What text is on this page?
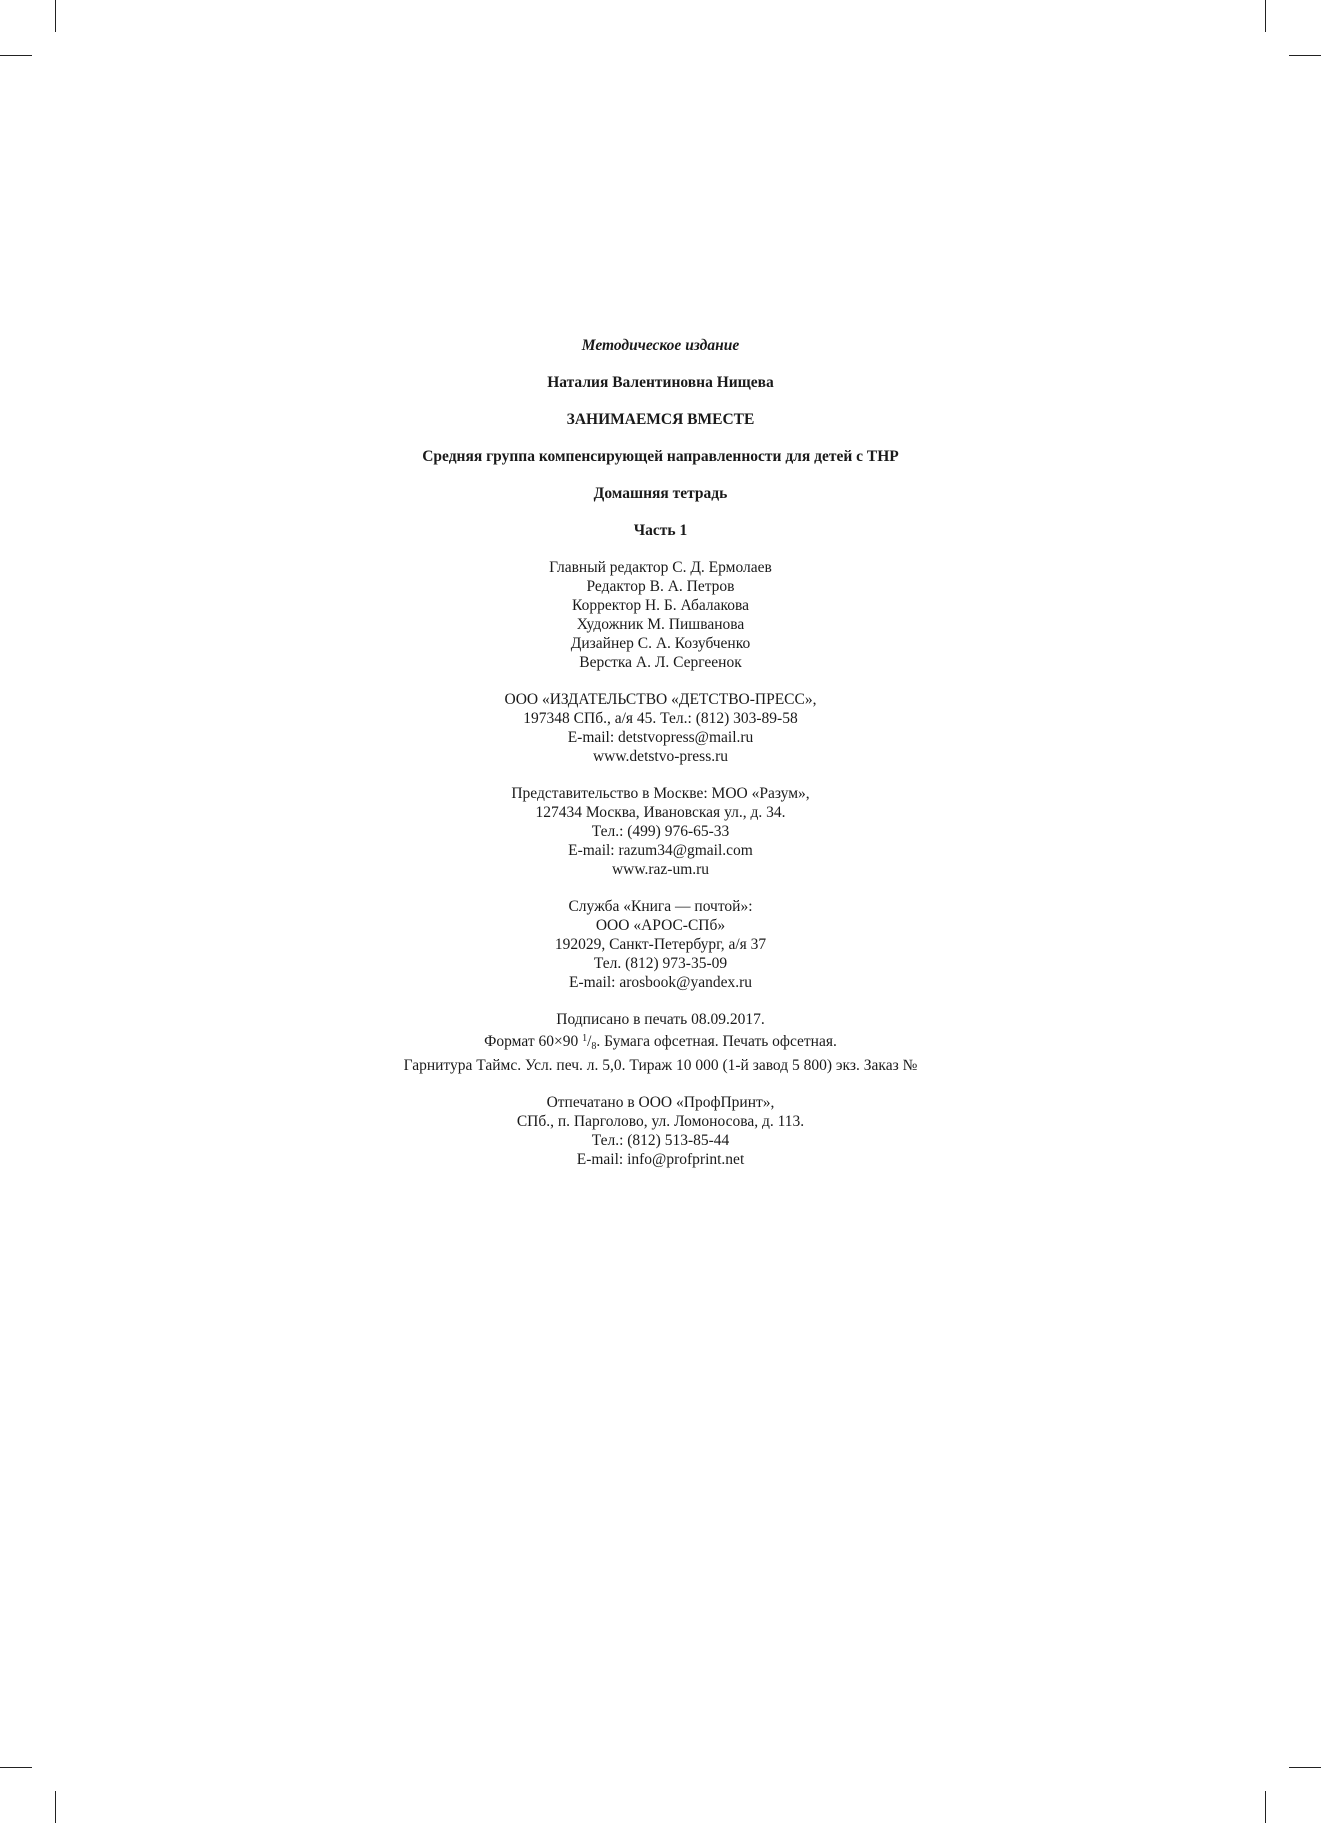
Методическое издание
Наталия Валентиновна Нищева
ЗАНИМАЕМСЯ ВМЕСТЕ
Средняя группа компенсирующей направленности для детей с ТНР
Домашняя тетрадь
Часть 1
Главный редактор С. Д. Ермолаев
Редактор В. А. Петров
Корректор Н. Б. Абалакова
Художник М. Пишванова
Дизайнер С. А. Козубченко
Верстка А. Л. Сергеенок
ООО «ИЗДАТЕЛЬСТВО «ДЕТСТВО-ПРЕСС»,
197348 СПб., а/я 45. Тел.: (812) 303-89-58
E-mail: detstvopress@mail.ru
www.detstvo-press.ru
Представительство в Москве: МОО «Разум»,
127434 Москва, Ивановская ул., д. 34.
Тел.: (499) 976-65-33
E-mail: razum34@gmail.com
www.raz-um.ru
Служба «Книга — почтой»:
ООО «АРОС-СПб»
192029, Санкт-Петербург, а/я 37
Тел. (812) 973-35-09
E-mail: arosbook@yandex.ru
Подписано в печать 08.09.2017.
Формат 60×90 $^1$/8. Бумага офсетная. Печать офсетная.
Гарнитура Таймс. Усл. печ. л. 5,0. Тираж 10 000 (1-й завод 5 800) экз. Заказ №
Отпечатано в ООО «ПрофПринт»,
СПб., п. Парголово, ул. Ломоносова, д. 113.
Тел.: (812) 513-85-44
E-mail: info@profprint.net
